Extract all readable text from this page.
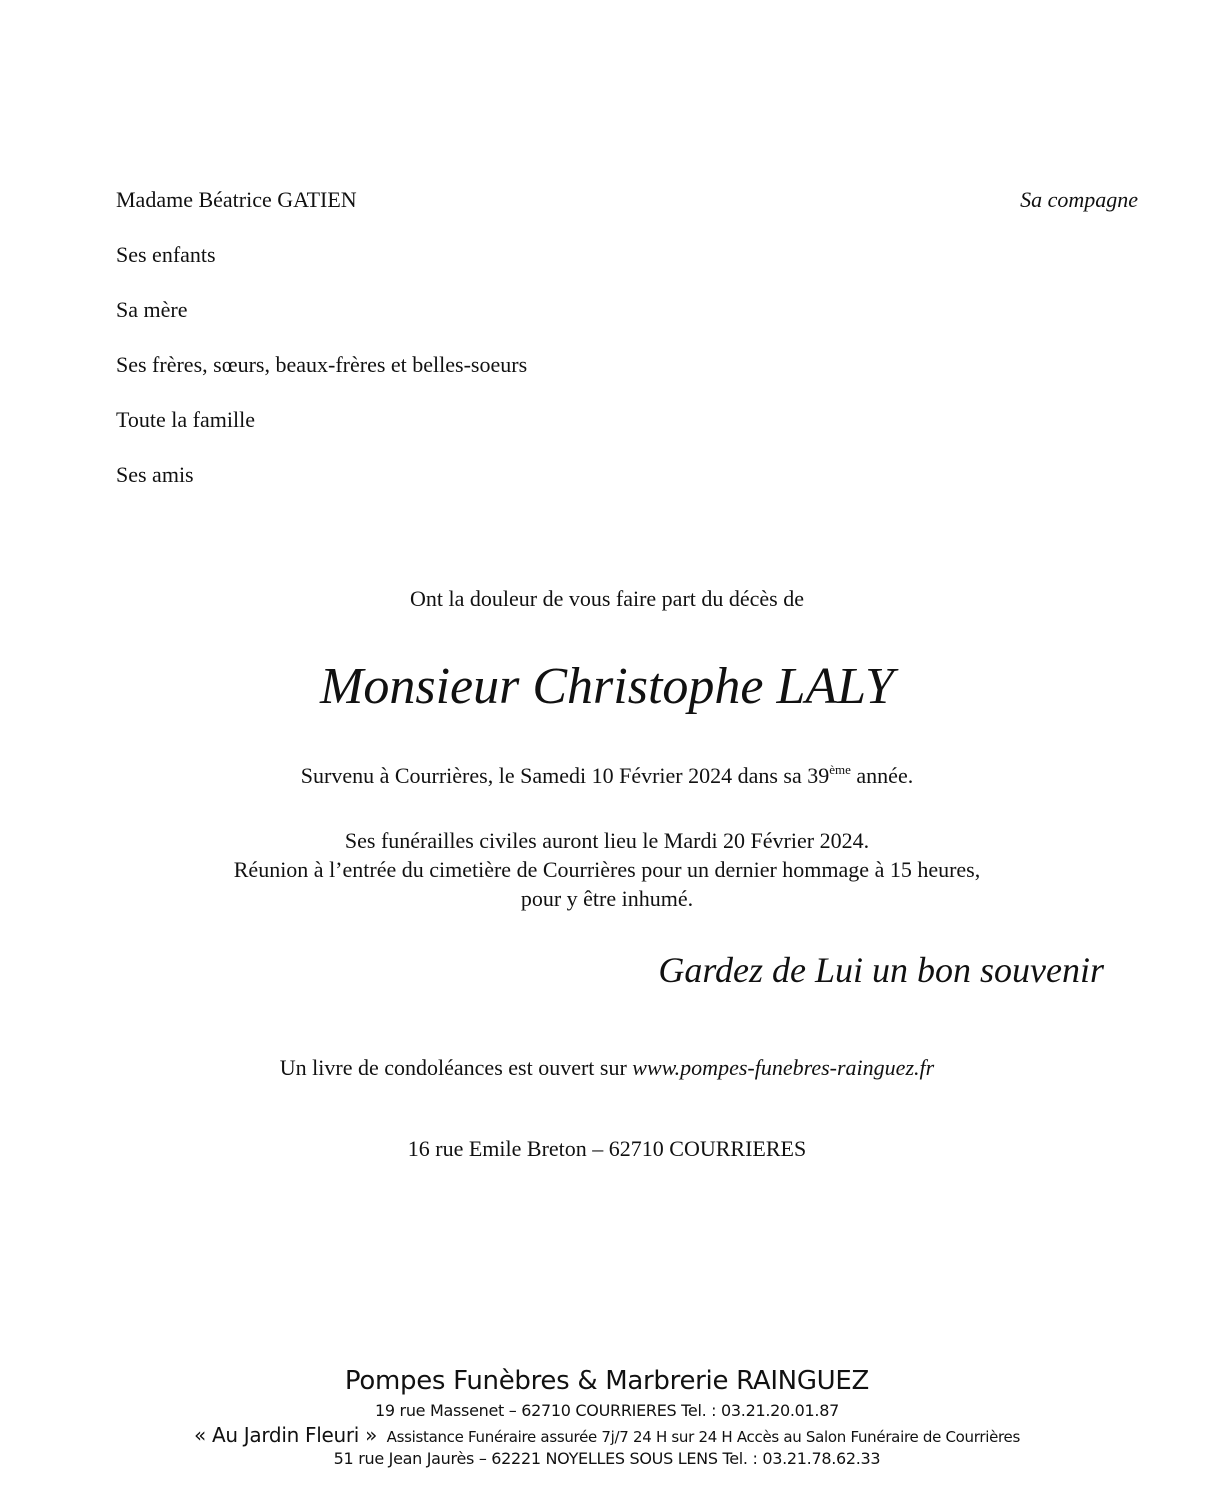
Madame Béatrice GATIEN
Ses enfants
Sa mère
Ses frères, sœurs, beaux-frères et belles-soeurs
Toute la famille
Ses amis
Sa compagne
Ont la douleur de vous faire part du décès de
Monsieur Christophe LALY
Survenu à Courrières, le Samedi 10 Février 2024 dans sa 39ème année.
Ses funérailles civiles auront lieu le Mardi 20 Février 2024.
Réunion à l’entrée du cimetière de Courrières pour un dernier hommage à 15 heures,
pour y être inhumé.
Gardez de Lui un bon souvenir
Un livre de condoléances est ouvert sur www.pompes-funebres-rainguez.fr
16 rue Emile Breton – 62710 COURRIERES
Pompes Funèbres & Marbrerie RAINGUEZ
19 rue Massenet – 62710 COURRIERES Tel. : 03.21.20.01.87
« Au Jardin Fleuri » Assistance Funéraire assurée 7j/7 24 H sur 24 H Accès au Salon Funéraire de Courrières
51 rue Jean Jaurès – 62221 NOYELLES SOUS LENS Tel. : 03.21.78.62.33
